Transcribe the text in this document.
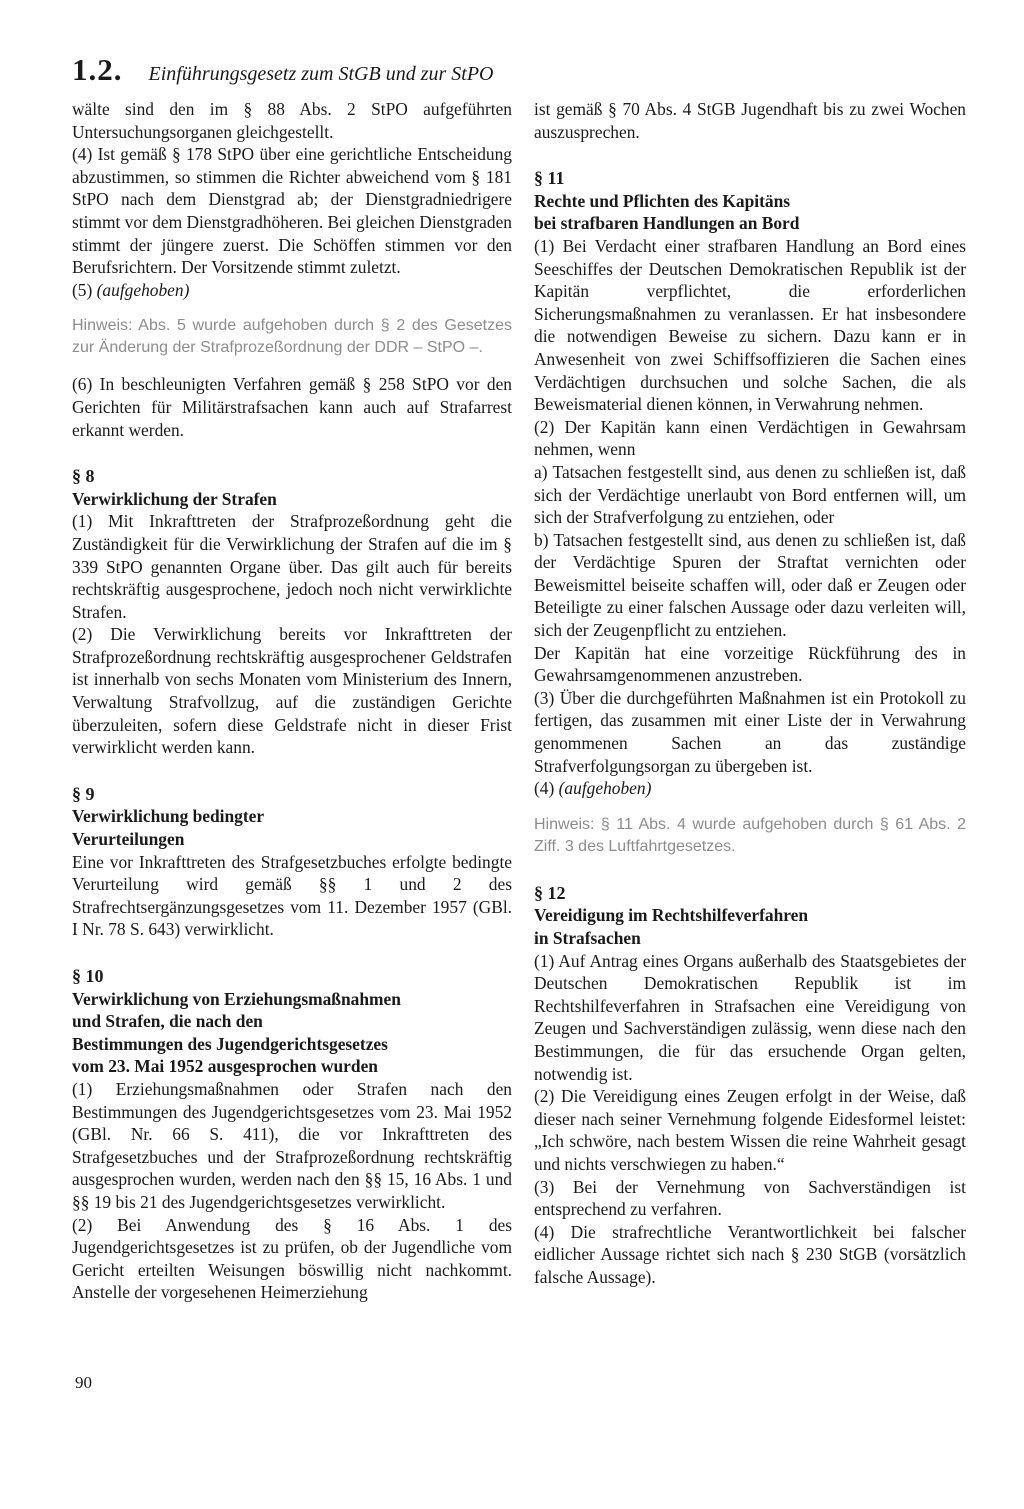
1.2. Einführungsgesetz zum StGB und zur StPO

wälte sind den im § 88 Abs. 2 StPO aufgeführten Untersuchungsorganen gleichgestellt.

(4) Ist gemäß § 178 StPO über eine gerichtliche Entscheidung abzustimmen, so stimmen die Richter abweichend vom § 181 StPO nach dem Dienstgrad ab; der Dienstgradniedrigere stimmt vor dem Dienstgradhöheren. Bei gleichen Dienstgraden stimmt der jüngere zuerst. Die Schöffen stimmen vor den Berufsrichtern. Der Vorsitzende stimmt zuletzt.

(5) (aufgehoben)

Hinweis: Abs. 5 wurde aufgehoben durch § 2 des Gesetzes zur Änderung der Strafprozeßordnung der DDR – StPO –.

(6) In beschleunigten Verfahren gemäß § 258 StPO vor den Gerichten für Militärstrafsachen kann auch auf Strafarrest erkannt werden.

§ 8
Verwirklichung der Strafen

(1) Mit Inkrafttreten der Strafprozeßordnung geht die Zuständigkeit für die Verwirklichung der Strafen auf die im § 339 StPO genannten Organe über. Das gilt auch für bereits rechtskräftig ausgesprochene, jedoch noch nicht verwirklichte Strafen.

(2) Die Verwirklichung bereits vor Inkrafttreten der Strafprozeßordnung rechtskräftig ausgesprochener Geldstrafen ist innerhalb von sechs Monaten vom Ministerium des Innern, Verwaltung Strafvollzug, auf die zuständigen Gerichte überzuleiten, sofern diese Geldstrafe nicht in dieser Frist verwirklicht werden kann.

§ 9
Verwirklichung bedingter
Verurteilungen

Eine vor Inkrafttreten des Strafgesetzbuches erfolgte bedingte Verurteilung wird gemäß §§ 1 und 2 des Strafrechtsergänzungsgesetzes vom 11. Dezember 1957 (GBl. I Nr. 78 S. 643) verwirklicht.

§ 10
Verwirklichung von Erziehungsmaßnahmen
und Strafen, die nach den
Bestimmungen des Jugendgerichtsgesetzes
vom 23. Mai 1952 ausgesprochen wurden

(1) Erziehungsmaßnahmen oder Strafen nach den Bestimmungen des Jugendgerichtsgesetzes vom 23. Mai 1952 (GBl. Nr. 66 S. 411), die vor Inkrafttreten des Strafgesetzbuches und der Strafprozeßordnung rechtskräftig ausgesprochen wurden, werden nach den §§ 15, 16 Abs. 1 und §§ 19 bis 21 des Jugendgerichtsgesetzes verwirklicht.

(2) Bei Anwendung des § 16 Abs. 1 des Jugendgerichtsgesetzes ist zu prüfen, ob der Jugendliche vom Gericht erteilten Weisungen böswillig nicht nachkommt. Anstelle der vorgesehenen Heimerziehung

ist gemäß § 70 Abs. 4 StGB Jugendhaft bis zu zwei Wochen auszusprechen.

§ 11
Rechte und Pflichten des Kapitäns
bei strafbaren Handlungen an Bord

(1) Bei Verdacht einer strafbaren Handlung an Bord eines Seeschiffes der Deutschen Demokratischen Republik ist der Kapitän verpflichtet, die erforderlichen Sicherungsmaßnahmen zu veranlassen. Er hat insbesondere die notwendigen Beweise zu sichern. Dazu kann er in Anwesenheit von zwei Schiffsoffizieren die Sachen eines Verdächtigen durchsuchen und solche Sachen, die als Beweismaterial dienen können, in Verwahrung nehmen.

(2) Der Kapitän kann einen Verdächtigen in Gewahrsam nehmen, wenn

a) Tatsachen festgestellt sind, aus denen zu schließen ist, daß sich der Verdächtige unerlaubt von Bord entfernen will, um sich der Strafverfolgung zu entziehen, oder

b) Tatsachen festgestellt sind, aus denen zu schließen ist, daß der Verdächtige Spuren der Straftat vernichten oder Beweismittel beiseite schaffen will, oder daß er Zeugen oder Beteiligte zu einer falschen Aussage oder dazu verleiten will, sich der Zeugenpflicht zu entziehen.

Der Kapitän hat eine vorzeitige Rückführung des in Gewahrsamgenommenen anzustreben.

(3) Über die durchgeführten Maßnahmen ist ein Protokoll zu fertigen, das zusammen mit einer Liste der in Verwahrung genommenen Sachen an das zuständige Strafverfolgungsorgan zu übergeben ist.

(4) (aufgehoben)

Hinweis: § 11 Abs. 4 wurde aufgehoben durch § 61 Abs. 2 Ziff. 3 des Luftfahrtgesetzes.

§ 12
Vereidigung im Rechtshilfeverfahren
in Strafsachen

(1) Auf Antrag eines Organs außerhalb des Staatsgebietes der Deutschen Demokratischen Republik ist im Rechtshilfeverfahren in Strafsachen eine Vereidigung von Zeugen und Sachverständigen zulässig, wenn diese nach den Bestimmungen, die für das ersuchende Organ gelten, notwendig ist.

(2) Die Vereidigung eines Zeugen erfolgt in der Weise, daß dieser nach seiner Vernehmung folgende Eidesformel leistet: „Ich schwöre, nach bestem Wissen die reine Wahrheit gesagt und nichts verschwiegen zu haben.“

(3) Bei der Vernehmung von Sachverständigen ist entsprechend zu verfahren.

(4) Die strafrechtliche Verantwortlichkeit bei falscher eidlicher Aussage richtet sich nach § 230 StGB (vorsätzlich falsche Aussage).

90
